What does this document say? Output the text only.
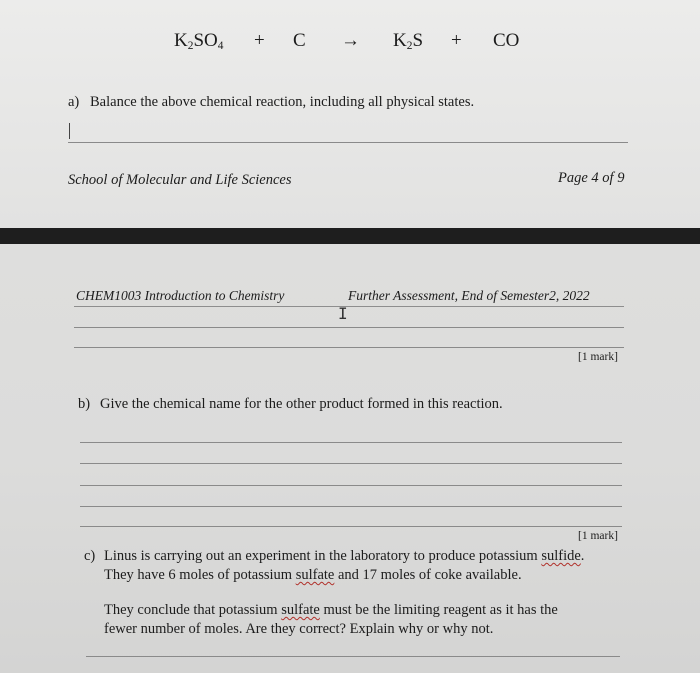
$K_2SO_4 + C \to K_2S$ + CO
a) Balance the above chemical reaction, including all physical states.
School of Molecular and Life Sciences	Page 4 of 9
CHEM1003 Introduction to Chemistry	Further Assessment, End of Semester2, 2022
I
[1 mark]
b) Give the chemical name for the other product formed in this reaction.
[1 mark]
c) Linus is carrying out an experiment in the laboratory to produce potassium sulfide.
They have 6 moles of potassium sulfate and 17 moles of coke available.
They conclude that potassium sulfate must be the limiting reagent as it has the
fewer number of moles. Are they correct? Explain why or why not.
